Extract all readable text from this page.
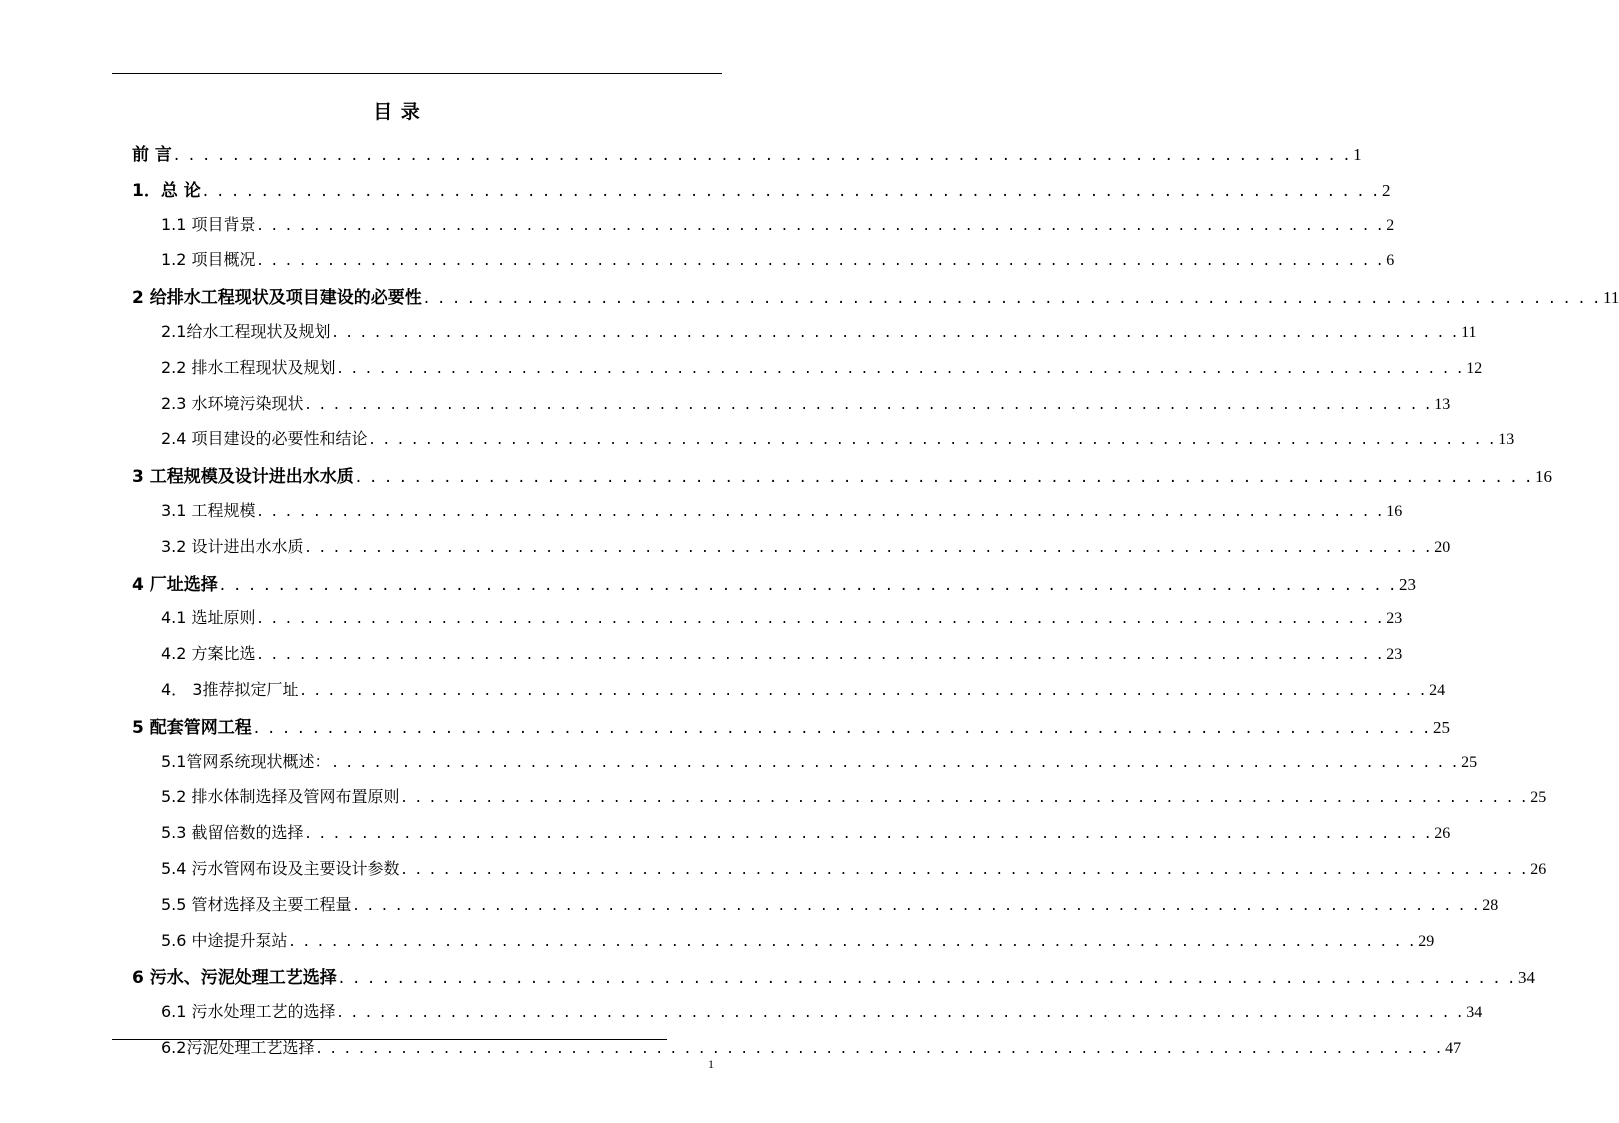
目 录
前 言 . . . . . . . . . . . . . . . . . . . . . . . . . . . . . . . . . . . . . . . . . . . . . . . . . . . . . . . . . . . . . . . . . . . . . . . . . . . . . . . . 1
1．总 论 . . . . . . . . . . . . . . . . . . . . . . . . . . . . . . . . . . . . . . . . . . . . . . . . . . . . . . . . . . . . . . . . . . . . . . . . . . . . . . . . 2
1.1 项目背景 . . . . . . . . . . . . . . . . . . . . . . . . . . . . . . . . . . . . . . . . . . . . . . . . . . . . . . . . . . . . . . . . . . . . . . . . . . . . . . . . 2
1.2 项目概况 . . . . . . . . . . . . . . . . . . . . . . . . . . . . . . . . . . . . . . . . . . . . . . . . . . . . . . . . . . . . . . . . . . . . . . . . . . . . . . . . 6
2 给排水工程现状及项目建设的必要性 . . . . . . . . . . . . . . . . . . . . . . . . . . . . . . . . . . . . . . . . . . . . . . . . . . . . . . . . . . . . . . . . . . . . . . . . . . . . . . . . 11
2.1给水工程现状及规划 . . . . . . . . . . . . . . . . . . . . . . . . . . . . . . . . . . . . . . . . . . . . . . . . . . . . . . . . . . . . . . . . . . . . . . . . . . . . . . . . 11
2.2 排水工程现状及规划 . . . . . . . . . . . . . . . . . . . . . . . . . . . . . . . . . . . . . . . . . . . . . . . . . . . . . . . . . . . . . . . . . . . . . . . . . . . . . . . . 12
2.3 水环境污染现状 . . . . . . . . . . . . . . . . . . . . . . . . . . . . . . . . . . . . . . . . . . . . . . . . . . . . . . . . . . . . . . . . . . . . . . . . . . . . . . . . 13
2.4 项目建设的必要性和结论 . . . . . . . . . . . . . . . . . . . . . . . . . . . . . . . . . . . . . . . . . . . . . . . . . . . . . . . . . . . . . . . . . . . . . . . . . . . . . . . . 13
3 工程规模及设计进出水水质 . . . . . . . . . . . . . . . . . . . . . . . . . . . . . . . . . . . . . . . . . . . . . . . . . . . . . . . . . . . . . . . . . . . . . . . . . . . . . . . . 16
3.1 工程规模 . . . . . . . . . . . . . . . . . . . . . . . . . . . . . . . . . . . . . . . . . . . . . . . . . . . . . . . . . . . . . . . . . . . . . . . . . . . . . . . . 16
3.2 设计进出水水质 . . . . . . . . . . . . . . . . . . . . . . . . . . . . . . . . . . . . . . . . . . . . . . . . . . . . . . . . . . . . . . . . . . . . . . . . . . . . . . . . 20
4 厂址选择 . . . . . . . . . . . . . . . . . . . . . . . . . . . . . . . . . . . . . . . . . . . . . . . . . . . . . . . . . . . . . . . . . . . . . . . . . . . . . . . . 23
4.1 选址原则 . . . . . . . . . . . . . . . . . . . . . . . . . . . . . . . . . . . . . . . . . . . . . . . . . . . . . . . . . . . . . . . . . . . . . . . . . . . . . . . . 23
4.2 方案比选 . . . . . . . . . . . . . . . . . . . . . . . . . . . . . . . . . . . . . . . . . . . . . . . . . . . . . . . . . . . . . . . . . . . . . . . . . . . . . . . . 23
4． 3推荐拟定厂址 . . . . . . . . . . . . . . . . . . . . . . . . . . . . . . . . . . . . . . . . . . . . . . . . . . . . . . . . . . . . . . . . . . . . . . . . . . . . . . . . 24
5 配套管网工程 . . . . . . . . . . . . . . . . . . . . . . . . . . . . . . . . . . . . . . . . . . . . . . . . . . . . . . . . . . . . . . . . . . . . . . . . . . . . . . . . 25
5.1管网系统现状概述： . . . . . . . . . . . . . . . . . . . . . . . . . . . . . . . . . . . . . . . . . . . . . . . . . . . . . . . . . . . . . . . . . . . . . . . . . . . . . . . . 25
5.2 排水体制选择及管网布置原则 . . . . . . . . . . . . . . . . . . . . . . . . . . . . . . . . . . . . . . . . . . . . . . . . . . . . . . . . . . . . . . . . . . . . . . . . . . . . . . . . 25
5.3 截留倍数的选择 . . . . . . . . . . . . . . . . . . . . . . . . . . . . . . . . . . . . . . . . . . . . . . . . . . . . . . . . . . . . . . . . . . . . . . . . . . . . . . . . 26
5.4 污水管网布设及主要设计参数 . . . . . . . . . . . . . . . . . . . . . . . . . . . . . . . . . . . . . . . . . . . . . . . . . . . . . . . . . . . . . . . . . . . . . . . . . . . . . . . . 26
5.5 管材选择及主要工程量 . . . . . . . . . . . . . . . . . . . . . . . . . . . . . . . . . . . . . . . . . . . . . . . . . . . . . . . . . . . . . . . . . . . . . . . . . . . . . . . . 28
5.6 中途提升泵站 . . . . . . . . . . . . . . . . . . . . . . . . . . . . . . . . . . . . . . . . . . . . . . . . . . . . . . . . . . . . . . . . . . . . . . . . . . . . . . . . 29
6 污水、污泥处理工艺选择 . . . . . . . . . . . . . . . . . . . . . . . . . . . . . . . . . . . . . . . . . . . . . . . . . . . . . . . . . . . . . . . . . . . . . . . . . . . . . . . . 34
6.1 污水处理工艺的选择 . . . . . . . . . . . . . . . . . . . . . . . . . . . . . . . . . . . . . . . . . . . . . . . . . . . . . . . . . . . . . . . . . . . . . . . . . . . . . . . . 34
6.2污泥处理工艺选择 . . . . . . . . . . . . . . . . . . . . . . . . . . . . . . . . . . . . . . . . . . . . . . . . . . . . . . . . . . . . . . . . . . . . . . . . . . . . . . . . 47
1
